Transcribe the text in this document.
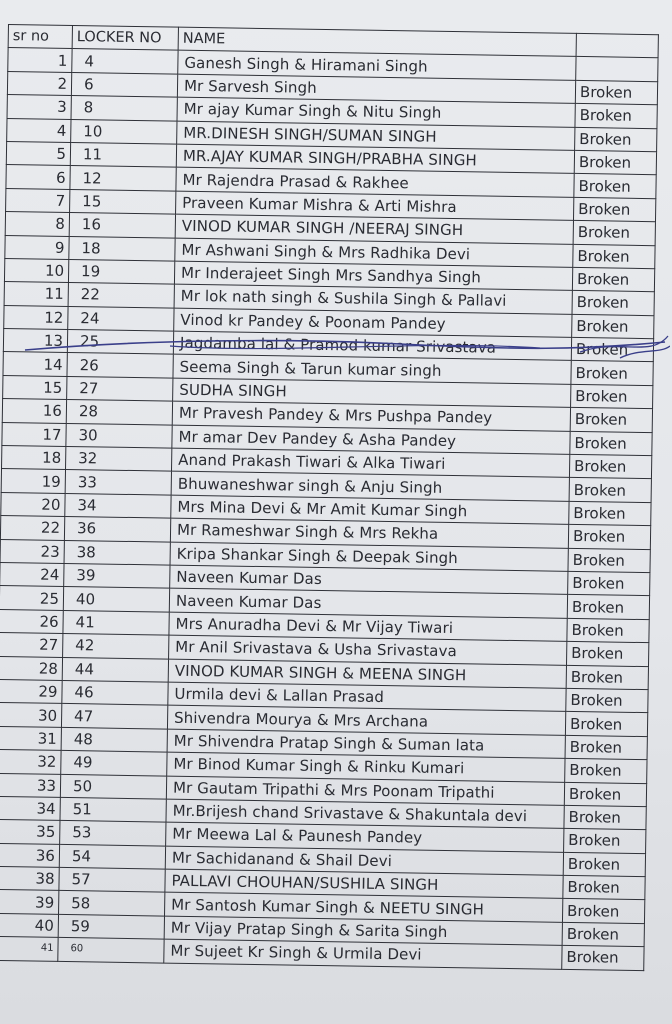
sr no	LOCKER NO	NAME	
1	4	Ganesh Singh & Hiramani Singh	
2	6	Mr Sarvesh Singh	Broken
3	8	Mr ajay Kumar Singh & Nitu Singh	Broken
4	10	MR.DINESH SINGH/SUMAN SINGH	Broken
5	11	MR.AJAY KUMAR SINGH/PRABHA SINGH	Broken
6	12	Mr Rajendra Prasad & Rakhee	Broken
7	15	Praveen Kumar Mishra & Arti Mishra	Broken
8	16	VINOD KUMAR SINGH /NEERAJ SINGH	Broken
9	18	Mr Ashwani Singh & Mrs Radhika Devi	Broken
10	19	Mr Inderajeet Singh Mrs Sandhya Singh	Broken
11	22	Mr lok nath singh & Sushila Singh & Pallavi	Broken
12	24	Vinod kr Pandey & Poonam Pandey	Broken
13	25	Jagdamba lal & Pramod kumar Srivastava	Broken
14	26	Seema Singh & Tarun kumar singh	Broken
15	27	SUDHA SINGH	Broken
16	28	Mr Pravesh Pandey & Mrs Pushpa Pandey	Broken
17	30	Mr amar Dev Pandey & Asha Pandey	Broken
18	32	Anand Prakash Tiwari & Alka Tiwari	Broken
19	33	Bhuwaneshwar singh & Anju Singh	Broken
20	34	Mrs Mina Devi & Mr Amit Kumar Singh	Broken
22	36	Mr Rameshwar Singh & Mrs Rekha	Broken
23	38	Kripa Shankar Singh & Deepak Singh	Broken
24	39	Naveen Kumar Das	Broken
25	40	Naveen Kumar Das	Broken
26	41	Mrs Anuradha Devi & Mr Vijay Tiwari	Broken
27	42	Mr Anil Srivastava & Usha Srivastava	Broken
28	44	VINOD KUMAR SINGH & MEENA SINGH	Broken
29	46	Urmila devi & Lallan Prasad	Broken
30	47	Shivendra Mourya & Mrs Archana	Broken
31	48	Mr Shivendra Pratap Singh & Suman lata	Broken
32	49	Mr Binod Kumar Singh & Rinku Kumari	Broken
33	50	Mr Gautam Tripathi & Mrs Poonam Tripathi	Broken
34	51	Mr.Brijesh chand Srivastave & Shakuntala devi	Broken
35	53	Mr Meewa Lal & Paunesh Pandey	Broken
36	54	Mr Sachidanand & Shail Devi	Broken
38	57	PALLAVI CHOUHAN/SUSHILA SINGH	Broken
39	58	Mr Santosh Kumar Singh & NEETU SINGH	Broken
40	59	Mr Vijay Pratap Singh & Sarita Singh	Broken
41	60	Mr Sujeet Kr Singh & Urmila Devi	Broken
